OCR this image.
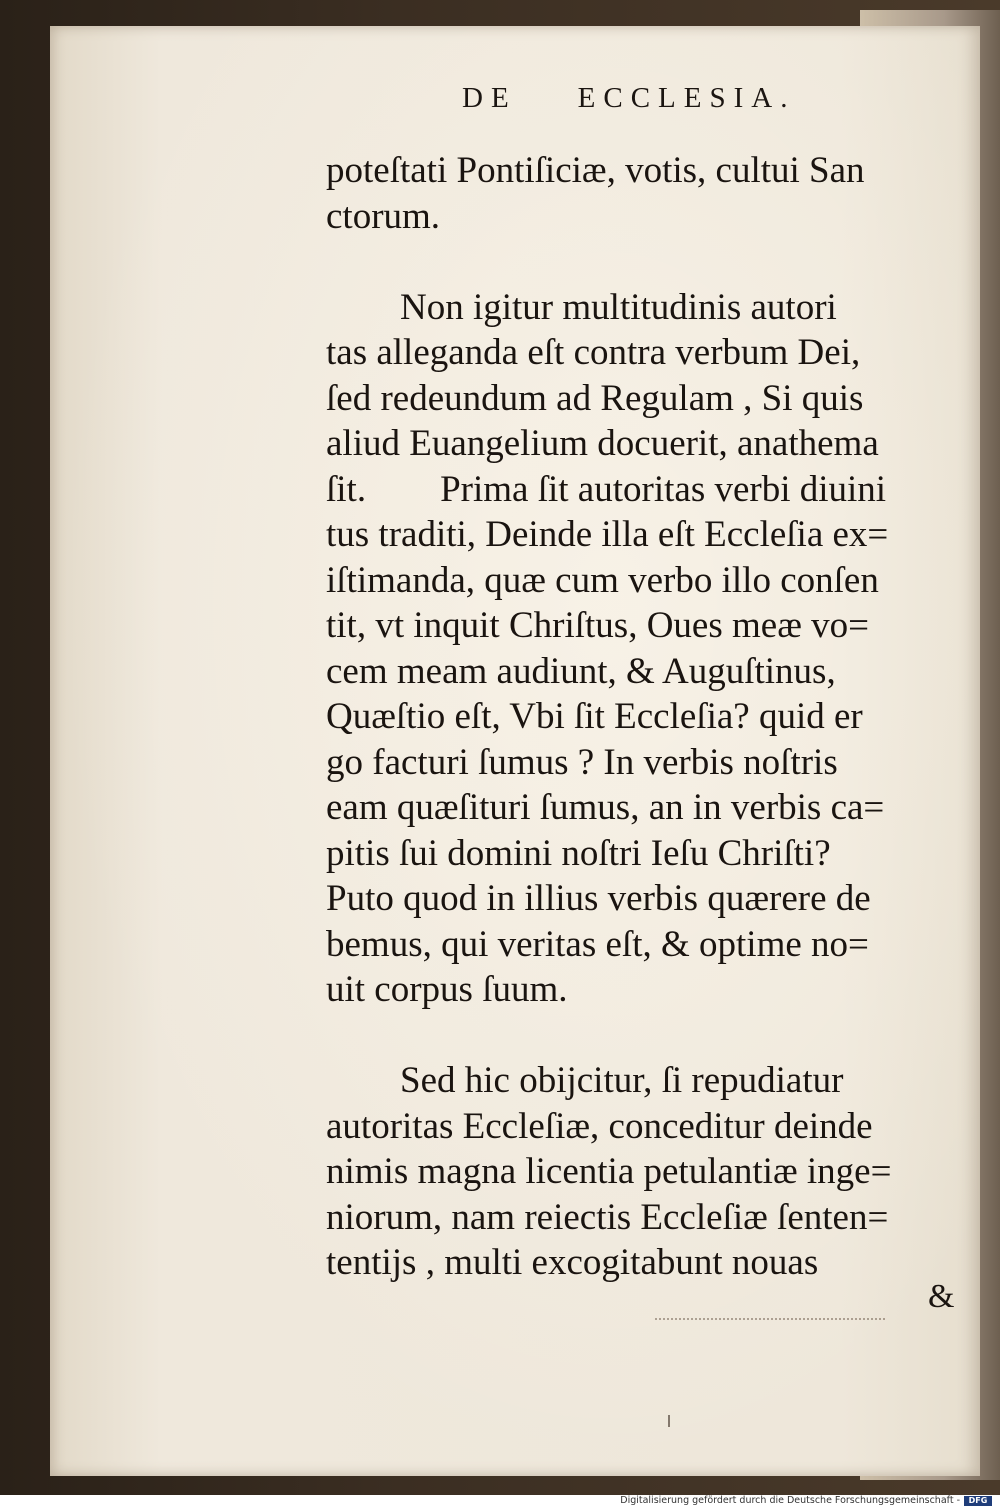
DE    ECCLESIA.
poteſtati Pontiſiciæ, votis, cultui San
ctorum.
Non igitur multitudinis autori
tas alleganda eſt contra verbum Dei,
ſed redeundum ad Regulam , Si quis
aliud Euangelium docuerit, anathema
ſit.        Prima ſit autoritas verbi diuini
tus traditi, Deinde illa eſt Eccleſia ex=
iſtimanda, quæ cum verbo illo conſen
tit, vt inquit Chriſtus, Oues meæ vo=
cem meam audiunt, & Auguſtinus,
Quæſtio eſt, Vbi ſit Eccleſia? quid er
go facturi ſumus ? In verbis noſtris
eam quæſituri ſumus, an in verbis ca=
pitis ſui domini noſtri Ieſu Chriſti?
Puto quod in illius verbis quærere de
bemus, qui veritas eſt, & optime no=
uit corpus ſuum.
Sed hic obijcitur, ſi repudiatur
autoritas Eccleſiæ, conceditur deinde
nimis magna licentia petulantiæ inge=
niorum, nam reiectis Eccleſiæ ſenten=
tentijs , multi excogitabunt nouas
&
Digitalisierung gefördert durch die Deutsche Forschungsgemeinschaft -	DFG
